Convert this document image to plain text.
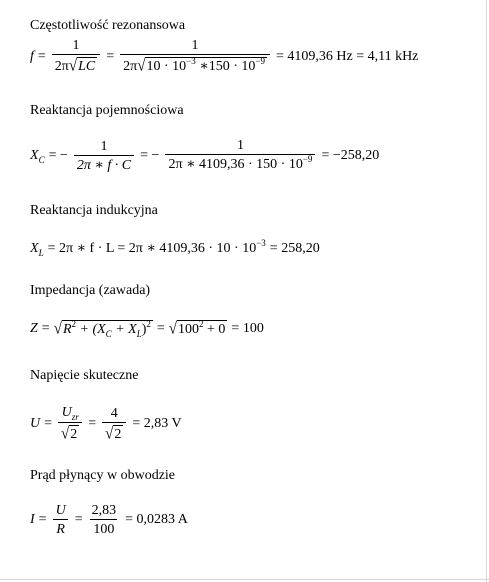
Częstotliwość rezonansowa
$f = \frac{1}{2\pi √ LC} = \frac{1}{2\pi √ 10 \cdot 10^{-3} ∗150 \cdot 10^{-9}} = 4109,36$ Hz = 4,11 kHz
Reaktancja pojemnościowa
X C = − $\frac{1}{2\pi ∗ f \cdot C}$ = − $\frac{1}{2\pi ∗ 4109,36 \cdot 150 \cdot 10^{-9}} = -258,20$
Reaktancja indukcyjna
X L = 2π ∗ f · L = 2π ∗ $4109,36 \cdot 10 \cdot 10^{-3} = 258,20$
Impedancja (zawada)
Z = √ $R^2 + (X_C + X_L)^2$ = √ $100^2 + 0 = 100$
Napięcie skuteczne
$U = \frac{U_{zr}}{√ 2} = \frac{4}{√ 2} = 2,83$ V
Prąd płynący w obwodzie
$I = \frac{U}{R} = \frac{2,83}{100} = 0,0283$ A
